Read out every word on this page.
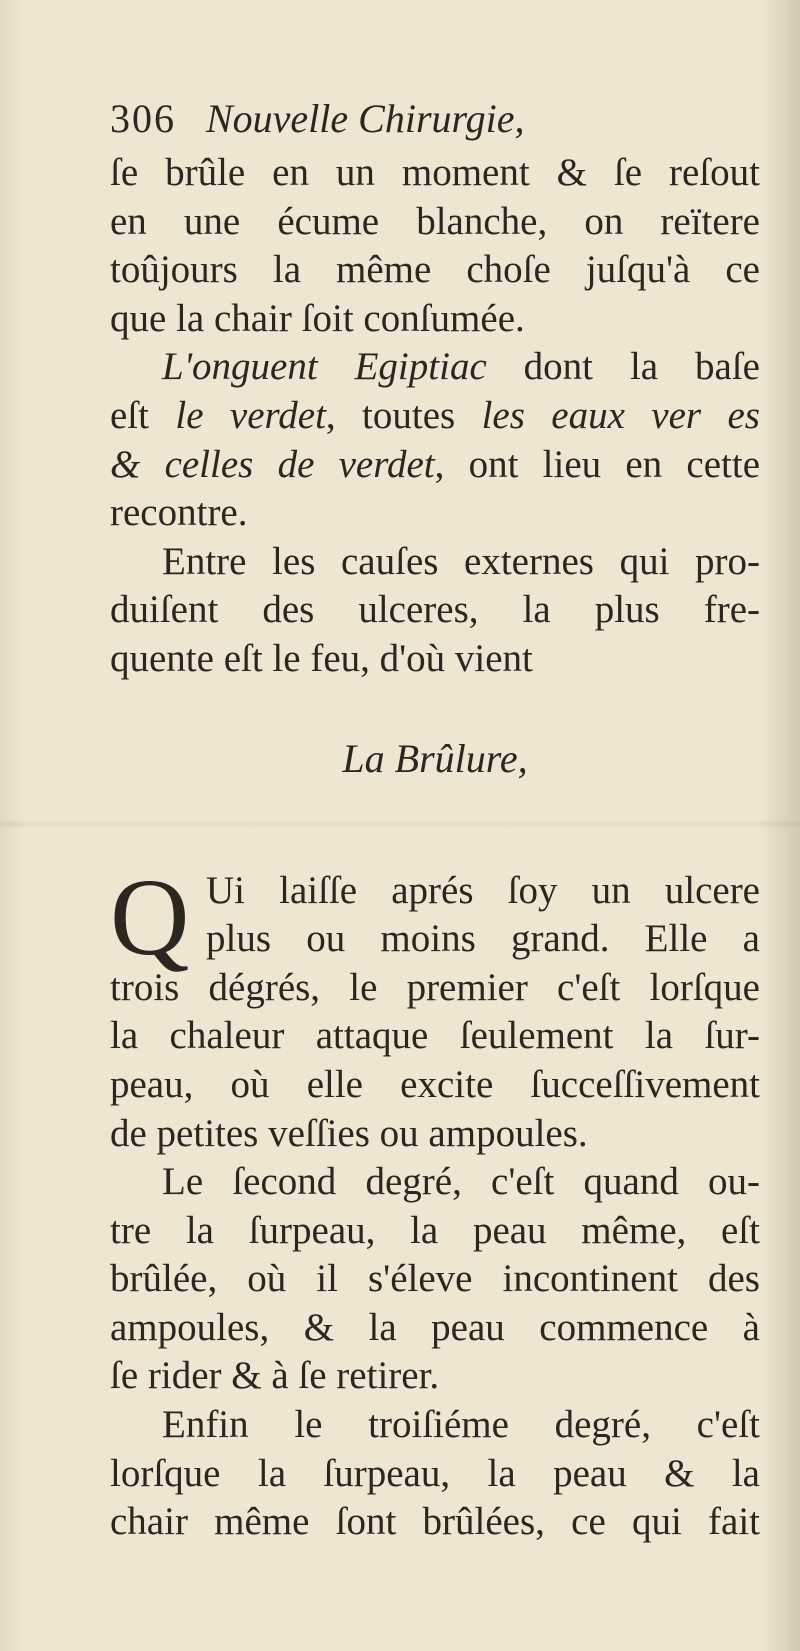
306 Nouvelle Chirurgie,
ſe brûle en un moment & ſe reſout
en une écume blanche, on reïtere
toûjours la même choſe juſqu'à ce
que la chair ſoit conſumée.
L'onguent Egiptiac dont la baſe
eſt le verdet, toutes les eaux ver es
& celles de verdet, ont lieu en cette
recontre.
Entre les cauſes externes qui pro-
duiſent des ulceres, la plus fre-
quente eſt le feu, d'où vient
La Brûlure,
Q Ui laiſſe aprés ſoy un ulcere
plus ou moins grand. Elle a
trois dégrés, le premier c'eſt lorſque
la chaleur attaque ſeulement la ſur-
peau, où elle excite ſucceſſivement
de petites veſſies ou ampoules.
Le ſecond degré, c'eſt quand ou-
tre la ſurpeau, la peau même, eſt
brûlée, où il s'éleve incontinent des
ampoules, & la peau commence à
ſe rider & à ſe retirer.
Enfin le troiſiéme degré, c'eſt
lorſque la ſurpeau, la peau & la
chair même ſont brûlées, ce qui fait
